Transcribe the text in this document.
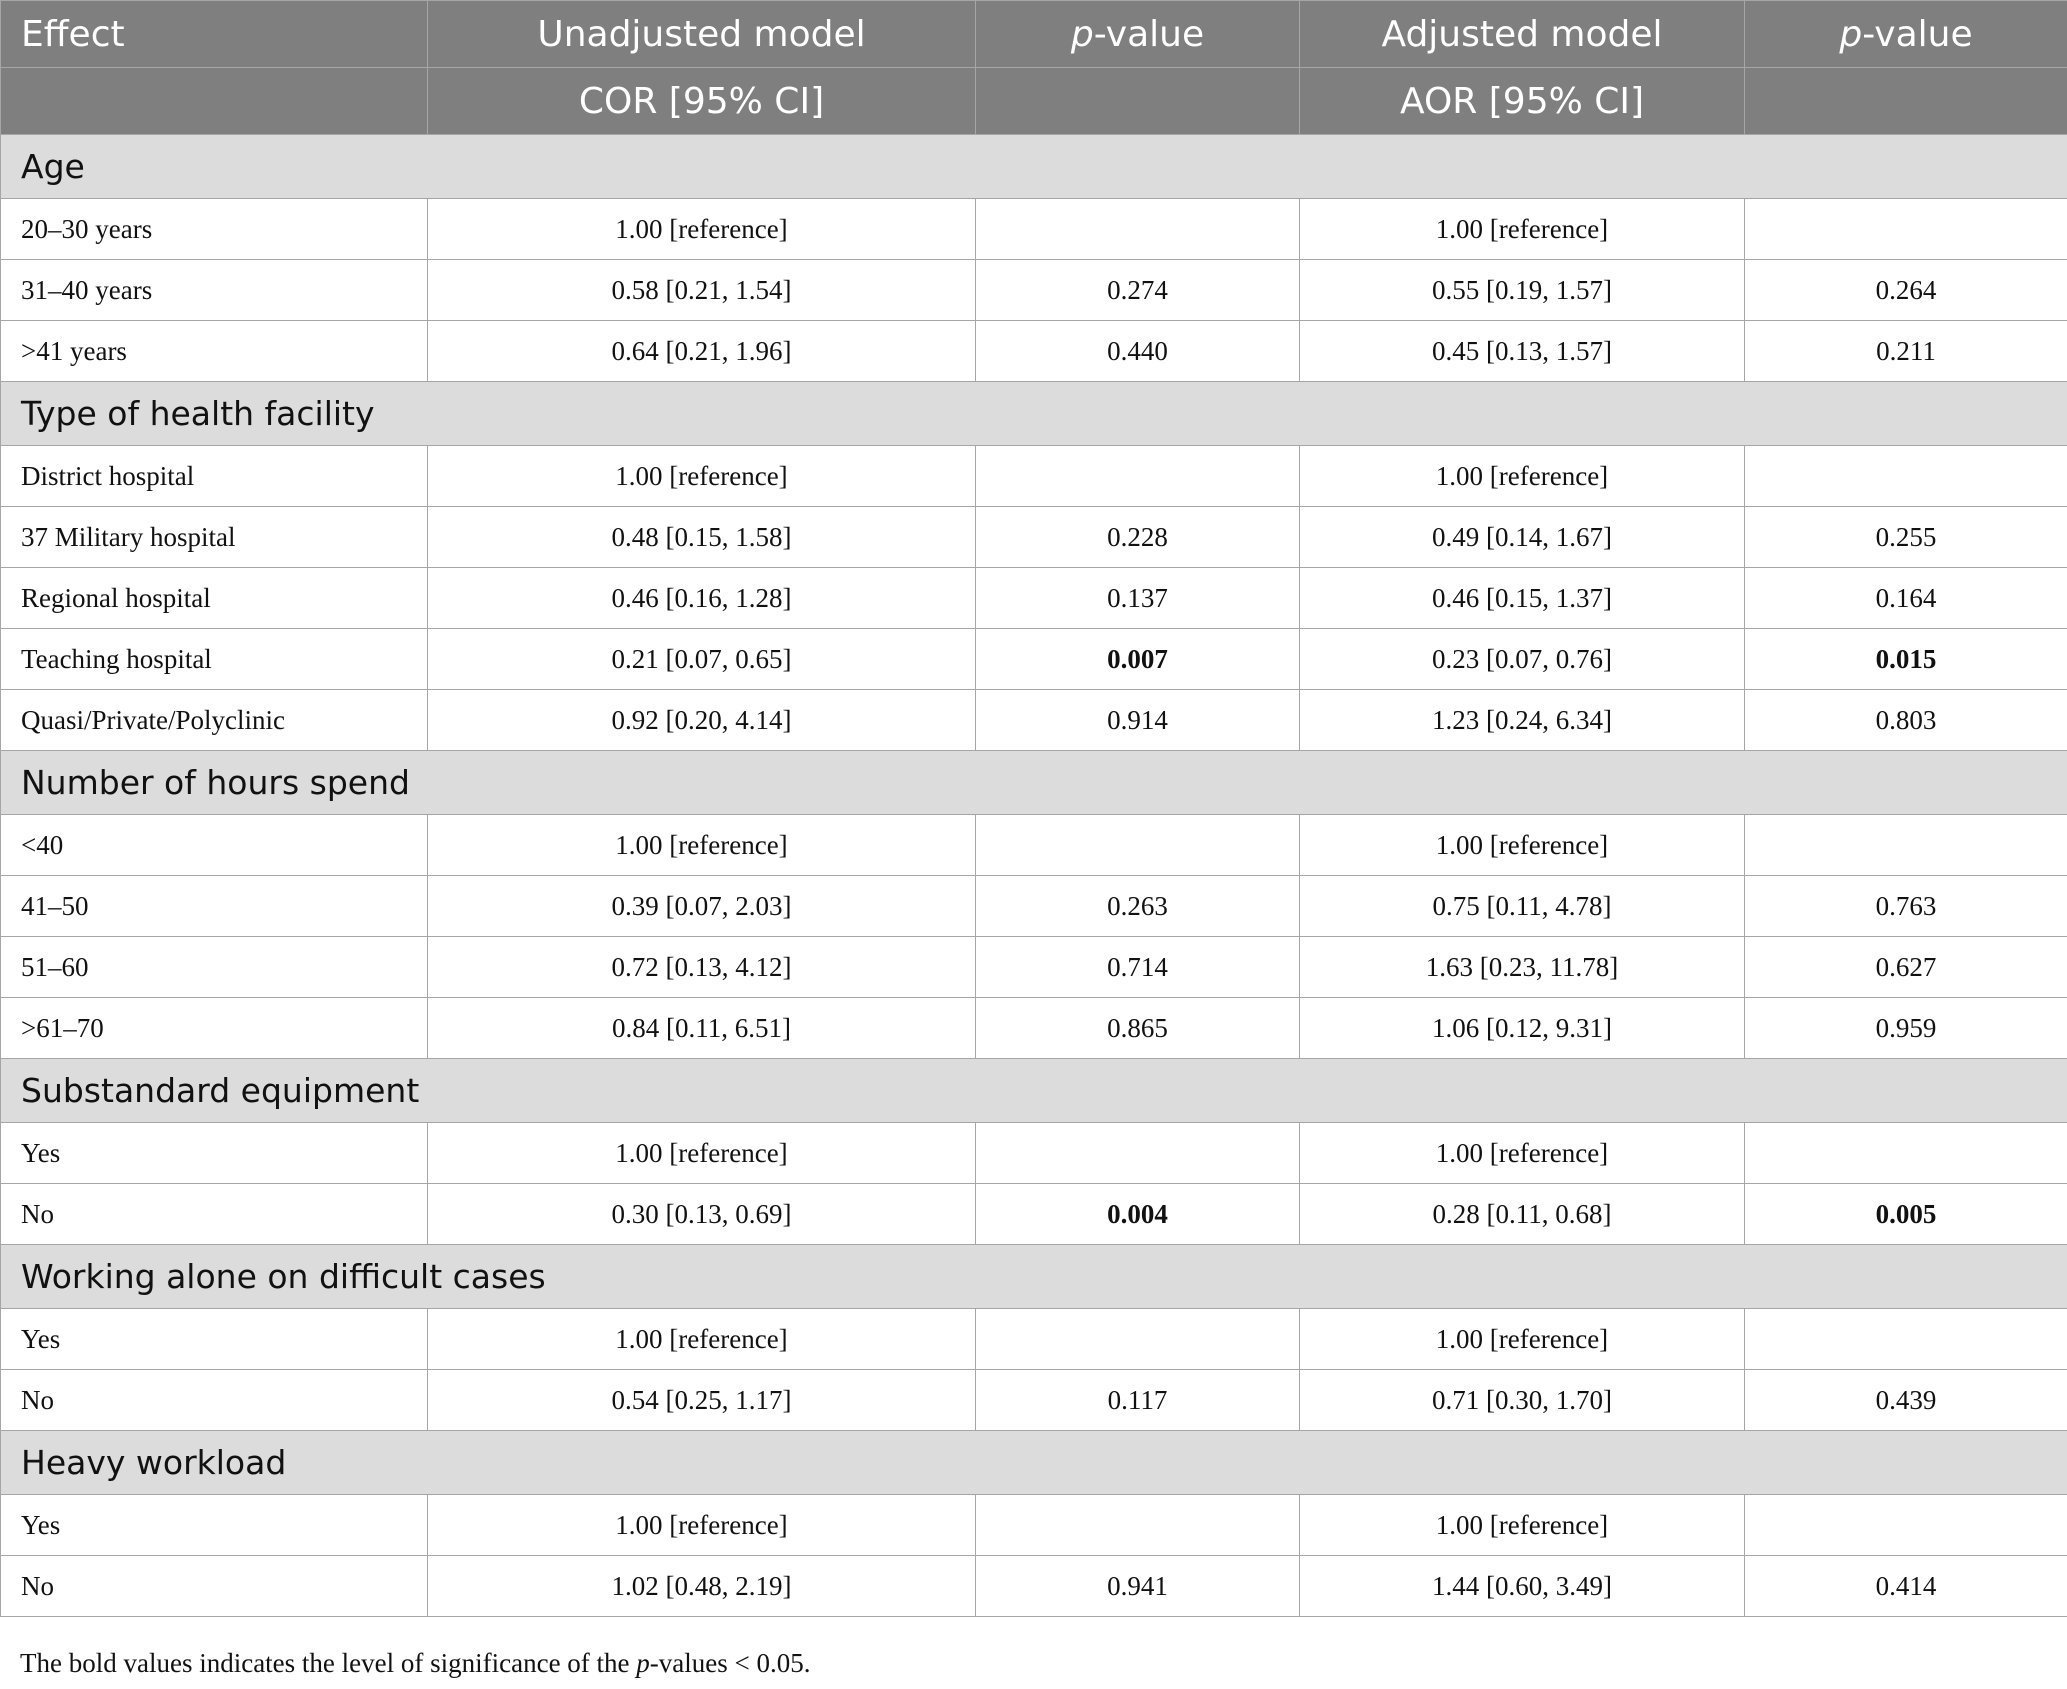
Effect	Unadjusted model	p-value	Adjusted model	p-value
	COR [95% CI]		AOR [95% CI]	
Age				
20–30 years	1.00 [reference]		1.00 [reference]	
31–40 years	0.58 [0.21, 1.54]	0.274	0.55 [0.19, 1.57]	0.264
>41 years	0.64 [0.21, 1.96]	0.440	0.45 [0.13, 1.57]	0.211
Type of health facility				
District hospital	1.00 [reference]		1.00 [reference]	
37 Military hospital	0.48 [0.15, 1.58]	0.228	0.49 [0.14, 1.67]	0.255
Regional hospital	0.46 [0.16, 1.28]	0.137	0.46 [0.15, 1.37]	0.164
Teaching hospital	0.21 [0.07, 0.65]	0.007	0.23 [0.07, 0.76]	0.015
Quasi/Private/Polyclinic	0.92 [0.20, 4.14]	0.914	1.23 [0.24, 6.34]	0.803
Number of hours spend				
<40	1.00 [reference]		1.00 [reference]	
41–50	0.39 [0.07, 2.03]	0.263	0.75 [0.11, 4.78]	0.763
51–60	0.72 [0.13, 4.12]	0.714	1.63 [0.23, 11.78]	0.627
>61–70	0.84 [0.11, 6.51]	0.865	1.06 [0.12, 9.31]	0.959
Substandard equipment				
Yes	1.00 [reference]		1.00 [reference]	
No	0.30 [0.13, 0.69]	0.004	0.28 [0.11, 0.68]	0.005
Working alone on difficult cases				
Yes	1.00 [reference]		1.00 [reference]	
No	0.54 [0.25, 1.17]	0.117	0.71 [0.30, 1.70]	0.439
Heavy workload				
Yes	1.00 [reference]		1.00 [reference]	
No	1.02 [0.48, 2.19]	0.941	1.44 [0.60, 3.49]	0.414

The bold values indicates the level of significance of the p-values < 0.05.
